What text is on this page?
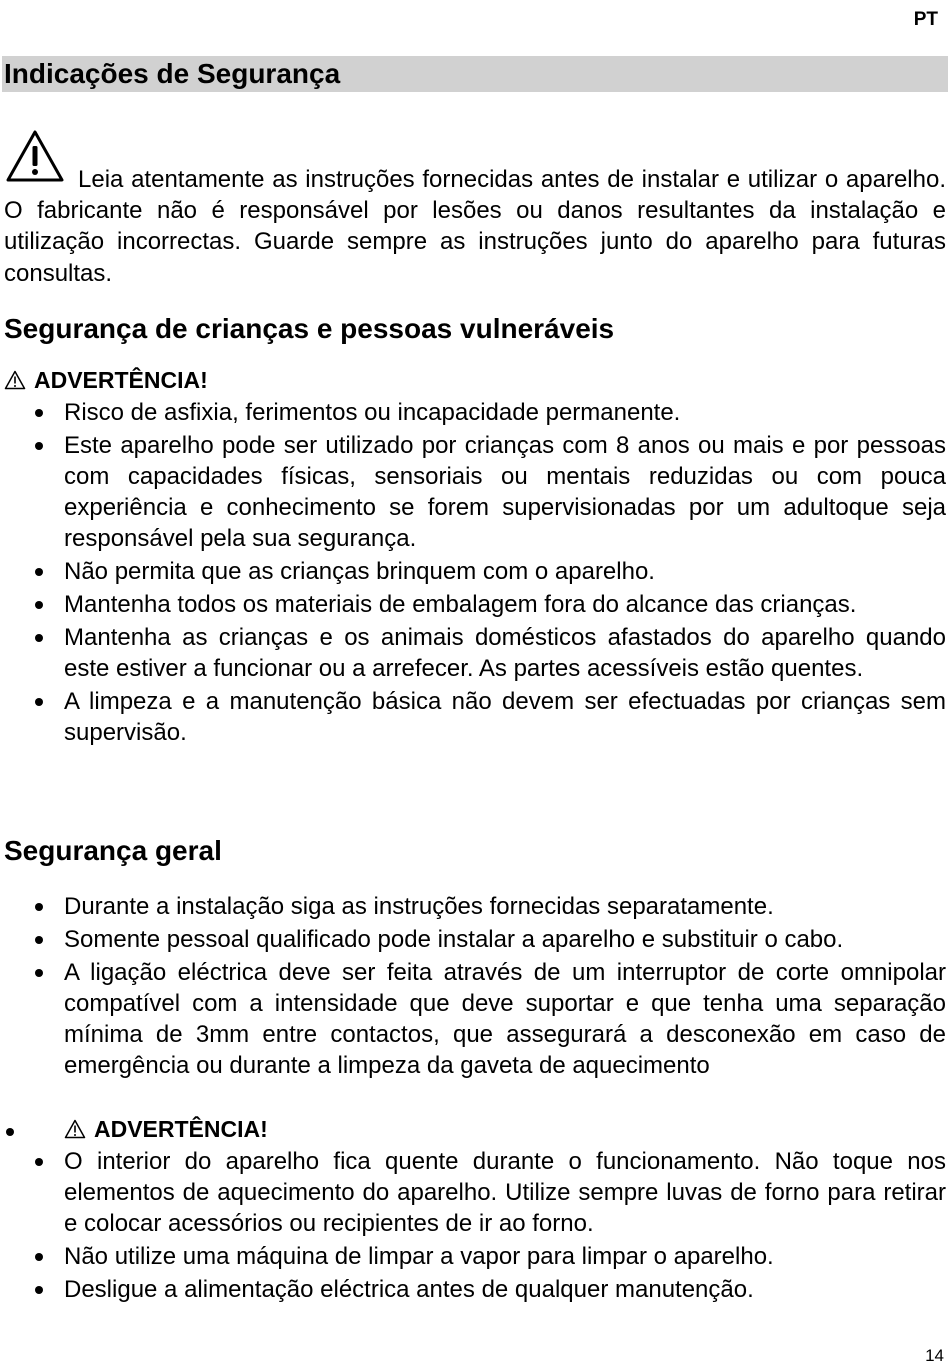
PT
Indicações de Segurança

Leia atentamente as instruções fornecidas antes de instalar e utilizar o aparelho. O fabricante não é responsável por lesões ou danos resultantes da instalação e utilização incorrectas. Guarde sempre as instruções junto do aparelho para futuras consultas.

Segurança de crianças e pessoas vulneráveis
ADVERTÊNCIA!
Risco de asfixia, ferimentos ou incapacidade permanente.
Este aparelho pode ser utilizado por crianças com 8 anos ou mais e por pessoas com capacidades físicas, sensoriais ou mentais reduzidas ou com pouca experiência e conhecimento se forem supervisionadas por um adultoque seja responsável pela sua segurança.
Não permita que as crianças brinquem com o aparelho.
Mantenha todos os materiais de embalagem fora do alcance das crianças.
Mantenha as crianças e os animais domésticos afastados do aparelho quando este estiver a funcionar ou a arrefecer. As partes acessíveis estão quentes.
A limpeza e a manutenção básica não devem ser efectuadas por crianças sem supervisão.
Segurança geral
Durante a instalação siga as instruções fornecidas separatamente.
Somente pessoal qualificado pode instalar a aparelho e substituir o cabo.
A ligação eléctrica deve ser feita através de um interruptor de corte omnipolar compatível com a intensidade que deve suportar e que tenha uma separação mínima de 3mm entre contactos, que assegurará a desconexão em caso de emergência ou durante a limpeza da gaveta de aquecimento
ADVERTÊNCIA!
O interior do aparelho fica quente durante o funcionamento. Não toque nos elementos de aquecimento do aparelho. Utilize sempre luvas de forno para retirar e colocar acessórios ou recipientes de ir ao forno.
Não utilize uma máquina de limpar a vapor para limpar o aparelho.
Desligue a alimentação eléctrica antes de qualquer manutenção.
14
